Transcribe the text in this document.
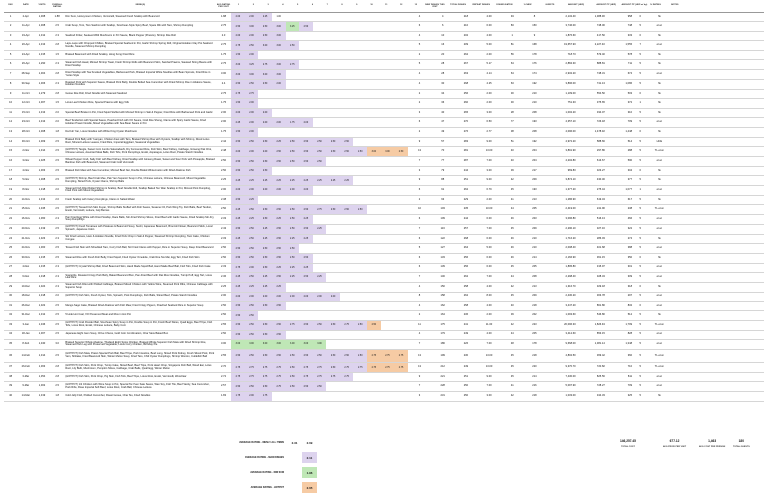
DAY	DATE	VISITS	OVERALL RATING
MENU(S)	AVG RATING PER VISIT
1	2	3	4	5	6	7	8	9	10	11	12	13	NEW DISHES THIS VISIT
TOTAL DISHES	REPEAT DISHES	DISHES EATEN	% NEW	GUESTS	AMOUNT (HK$)	AMOUNT PP (HK$)	AMOUNT PP (HK$ w/ tip)	% RATING	NOTES
1	2-Apr	1,308	1.88	Dim Sum, Honeymoon Chicken, Vermicelli, Steamed Fresh Scallop with Beancurd	1.88	2.00	2.00	2.25	1.00	4	4	218	4.00	94	8	2,132.40	1,388.00	958	0	hk
2	11-Apr	1,308	2.5	Crab Soup, Toro, Toro Sashimi with Scallop, Szechuan-Style Spicy Beef, Spare Rib with Taro, Shrimp Dumpling	2.75	2.50	3.00	2.50	3.00	3.25	2.50	6	6	210	6.00	83	150	3,746.00	748.00	748	5	el.al.
3	19-Apr	1,312	2.3	Seafood Fritter, Sauteed Wild Mushroom in XO Sauce, Black Pepper (Prawns), Shrimp Roe Roll	2.3	2.00	2.00	2.50	3.00	4	10	202	4.00	1	9	1,876.60	417.50	333	0	hk
4	20-Apr	1,313	2.8	Lapu-Lapu with Chopped Chillies, Braised Special Seafood in Pot, Garlic Shrimp Spring Roll, Original Hokkien Clay Pot Seafood Noodle, Steamed Shrimp Dumpling	2.75	2.75	2.50	3.00	3.00	2.50	5	16	209	5.00	81	168	19,657.90	2,227.40	1,555	7	el.al.
5	24-Apr	1,315	1.5	Braised Beancurd with Dried Scallop, Hong Kong Fried Rice	1.75	1.50	2.00	2	20	262	2.00	56	178	718.70	579.40	578	5	hk
6	26-Apr	1,290	2.3	Steamed Fish Head, Minced Shrimp Toast, Fresh Shrimp Rolls with Beancurd Skin, Sambal Prawns, Sauteed String Beans with Dried Scallop	2.75	3.00	3.25	2.75	3.00	2.75	5	28	267	5.17	64	176	2,884.30	888.81	711	5	hk
7	28-Sep	1,304	2.8	Dried Scallop with Tea Smoked Vegetables, Barbecued Pork, Braised Imperial White Noodles with Bean Sprouts, Fried Rice in Yuzao Style	3.00	3.00	3.00	3.00	3.00	4	28	263	4.14	64	174	2,932.20	748.31	674	5	el.al.
8	30-Sep	1,306	2.3	Roasted Pork with Superior Sauce, Braised Pork Belly, Double Boiled Sea Cucumber with Dried Shrimp Roe in Abalone Sauce, Hokkien Noodles	2.4	2.50	2.50	2.50	2.00	4	30	268	4.25	63	192	3,896.00	741.13	1,086	5	hk
9	11-Oct	1,279	2.8	Goose Roe Roll, Fried Noodle with Steamed Seafood	2.75	2.75	2.75	2	34	256	2.00	30	210	1,109.00	554.50	503	0	hk
10	12-Oct	1,307	1.5	Lotus Leaf Chicken Rice, Special Prawns with Egg Yolk	1.75	1.50	2.00	2	36	260	2.00	30	210	751.30	375.65	372	1	hk
11	15-Oct	1,313	2.0	Special Beef Brisket in Pot, Fried Squid Stuffed with Minced Shrimp in Salt & Pepper, Fried Rice with Barbecued Pork and Garlic	2.00	2.00	2.00	2.00	3	40	265	3.00	28	208	1,002.20	334.07	310	5	hk
12	23-Oct	1,313	2.0	Beef Tenderloin with Special Sauce, Poached Fish with XO Sauce, Crab Roe Sheng, Clams with Spicy Garlic Sauce, Fried Hokkien Prawn Noodle, Mixed Vegetables with Sea Bean Sauce in Pot	2.00	2.25	2.00	2.00	2.00	1.75	2.00	6	47	270	6.50	77	193	4,357.10	726.18	709	5	el.al.
13	28-Oct	1,308	1.8	Da Kuh Yan, Lotus Noodles with White King Oyster Mushroom	1.75	1.50	2.00	2	49	276	2.77	38	208	4,096.00	1,478.02	1,448	0	hk
14	30-Oct	1,309	2.5	Braised Pork Belly with Yuanyan, Chicken Feet with Taro, Braised Shrimp Roe with Oysters, Scallop with Shrimp, Diced Lotus Root, Minced Lettuce Leaves, Fried Rice, Imperial Eggplant, Seasonal Vegetables	2.44	2.50	2.50	2.50	2.25	2.50	2.50	2.50	2.50	2.50	9	57	283	9.00	51	192	4,972.20	588.66	514	5	HCE
15	2-Nov	1,314	2.5	(HOTPOT) Tangle, Sweet Corn Jumbo Sakuradashi, Dry Fermented Rice, Fish Skin, Beef Kidney, Cabbage, Ginseng Pak Choi, Chinese Lettuce, Assorted Meat Balls, Fish Tofu, Pork Dumplings, Enoki, Asparagus, Lotus Root, Potato Starch Noodles	2.48	2.00	2.00	2.00	2.50	2.50	2.50	2.50	2.50	2.50	2.50	3.00	3.00	2.50	13	70	281	13.00	40	204	3,891.90	297.86	288	5	TL.el.al.
16	3-Nov	1,325	2.5	Wheat Pepper Crab, Salty Fish with Beef Kidney, Dried Scallop with Ginseng Roast, Sweet and Sour Pork with Pineapple, Braised Bamboo Fish with Beancurd, Steamed Crab Cold Vermicelli	2.50	2.50	2.50	2.50	2.50	2.50	2.50	2.50	7	77	287	7.00	40	204	4,202.80	613.67	590	5	el.al.
17	4-Nov	1,303	2.5	Braised Fish Maw with Sea Cucumber, Minced Beef Net, Double Boiled Wintermelon with Dried Abalone Fish	2.50	2.50	2.50	2.50	3	79	244	3.00	39	217	969.80	323.27	304	0	hk
18	5-Nov	1,308	2.5	(HOTPOT) Shrimp, Beef Crab Mee, Pak Yam Superior Soup in Pot, Chinese Lettuce, Chinese Beancurd, Mixed Vegetable Dumpling, Sliced Pork, Oyster Clams, Shrimp Balls	2.25	2.25	2.25	2.25	2.25	2.25	2.25	2.25	2.25	2.25	9	88	251	9.00	42	209	3,874.10	430.46	377	5	hk
19	8-Nov	1,318	2.0	Steamed Fish Fillet Rolled Shrimp & Scallop, Beef Noodle Roll, Scallop Baked Ten Wan Scallop in Pot, Minced Pork Dumpling, Fried Pork with Mixed Vegetables	2.00	2.00	2.00	2.00	2.00	2.00	2.00	6	91	262	6.79	45	193	1,377.20	275.44	1,077	1	el.al.
20	14-Nov	1,313	2.0	Fresh Scallop with Celery Dumplings, Clams in Salted Water	2.38	2.50	2.25	2	93	229	2.00	41	213	1,286.90	619.43	617	5	hk
21	15-Nov	1,345	2.5	(HOTPOT) Tossed Fish Skin Fuyan, Shrimp Balls Stuffed with Fish Sauce, Sesame Oil, Pork Wing Tip, Fish Balls, Beef Tendon, Enoki, Vermicelli, Lettuce, Goji Berries	2.50	2.25	2.50	2.50	2.50	2.50	2.50	2.75	2.50	2.50	2.50	10	103	235	10.00	44	205	2,419.00	241.90	238	5	TL.el.al.
22	16-Nov	1,360	2.3	Pan Fried Egg White with Dried Scallop, Dace Balls, Stir-Fried Shrimp Slices, Fried Beef with Garlic Sauce, Dried Scallop Stir-Fry, Soup Dumplings	2.33	2.25	2.25	2.50	2.25	2.50	2.25	6	109	244	6.00	46	203	3,096.80	516.13	466	5	el.al.
23	20-Nov	1,319	2.5	(HOTPOT) Fresh Tomatoes with Potatoes & Beancurd Soup, Sushi, Japanese Beancurd, Broccoli Flower, Beancurd Stick, Local Spinach, Japanese Udon	2.43	2.50	2.50	2.25	2.50	2.50	2.50	2.25	7	116	257	7.00	45	209	2,290.10	327.16	322	5	el.al.
24	21-Nov	1,323	2.3	Stir Fried Lettuce, Ham & Hokkien Noodle, Fried Pork Chop in Salt & Pepper, Steamed Shrimp Dumpling, Taro Cake, Chicken Congee	2.33	2.25	2.50	2.25	2.50	2.25	2.25	6	122	268	6.00	46	210	1,716.20	286.03	274	5	hk
25	24-Nov	1,300	2.5	Tossed Fish Skin with Shredded Taro, Curry Fish Ball, Stir Fried Clams with Pepper, Rice in Superior Soup, Deep Fried Beancurd	2.50	2.50	2.50	2.50	2.50	2.50	5	127	264	5.00	46	210	2,008.40	401.68	388	5	el.al.
26	30-Nov	1,315	2.5	Steamed Rice with Fresh Fish Belly, Fried Squid, Fried Oyster Omelette, Crab Roe Siu Mai, Egg Tart, Fried Fish Skin	2.50	2.50	2.50	2.50	2.50	2.50	2.50	6	133	256	6.00	46	214	2,166.90	361.15	350	0	hk
27	4-Dec	1,315	2.3	(HOTPOT) Crystal Shrimp Ball, Fried Beancurd Skin, Hand Made Squid Ball, Hand Made Beef Ball, Fish Tofu, Fried Fish Cake	2.33	2.75	2.00	2.50	2.25	2.25	2.25	6	139	256	6.00	45	205	1,895.80	315.97	301	5	el.al.
28	6-Dec	1,318	2.3	Spareribs, Roasted Crispy Pork Belly, Baked Beancurd Bun, Pan-Fried Beef with Flat Rice Noodles, Turnip Puff, Egg Tart, Lotus Leaf Rice	2.36	2.25	2.50	2.25	2.50	2.25	2.50	2.25	7	146	262	7.00	44	208	2,298.40	328.34	309	5	el.al.
29	10-Dec	1,324	2.3	Steamed Fish Fillet with Pickled Cabbage, Braised Sliced Chicken with Yellow Wine, Steamed Pork Ribs, Chinese Cabbage with Superior Soup	2.25	2.25	2.25	2.25	2.25	4	150	258	4.00	42	213	1,316.70	329.18	318	0	hk
30	18-Dec	1,318	2.0	(HOTPOT) Fish Skin, Fresh Oyster, Tofu, Spinach, Pork Dumplings, Fish Balls, Sliced Beef, Potato Starch Noodles	2.00	2.00	2.00	2.00	2.00	2.00	2.00	2.00	2.00	8	158	262	8.00	45	209	2,430.20	303.78	297	5	el.al.
31	26-Dec	1,322	2.5	Mango Sago Cake, Braised Dried Abalone with Fish Maw, Fried Crispy Pigeon, Poached Seafood Rice in Superior Soup	2.50	2.50	2.50	2.50	2.50	4	162	258	4.00	40	218	3,447.20	861.80	832	0	el.al.
32	31-Dec	1,312	2.5	5 Hole Hot Coal, XO Preserved Meat and Rice in Hot Pot	2.50	2.50	2.50	2	164	236	2.00	39	202	1,093.60	546.80	512	5	hk
33	3-Jan	1,346	2.5	(HOTPOT) Crab Powder Ball, Szechuan Spicy Soup in Pot, Double Soup in Pot, Fresh Beef Slices, Quail Eggs, Beef Tripe, Fish Tofu, Lotus Root, Enoki, Chinese Lettuce, Baby Corn	2.55	2.50	2.50	2.50	2.50	2.75	2.50	2.50	2.50	2.75	2.50	2.50	11	175	241	11.00	42	223	20,096.30	1,826.94	1,799	5	TL.el.al.
34	18-Jan	1,307	2.5	Japanese Eight Gem Soup, Chive Chives, Gold Coin Combination, Char Siew Baked Bun	2.50	2.50	2.50	2.50	2.50	4	179	249	4.00	44	205	3,412.60	853.15	828	5	el.al.
35	8-Feb	1,340	3.0	Braised Superior Whole Abalone, Thailand Eight Spice Chicken, Braised Whole Superior Fish Maw with Dried Shrimp Roe, Steamed Pork Leg with Preserved Vegetable, Lotus Curry Chicken, Birthday Pie	3.00	3.00	3.00	3.00	3.00	3.00	3.00	3.00	7	186	226	7.00	48	178	9,668.00	1,381.14	1,348	5	el.al.
36	14-Feb	1,314	2.5	(HOTPOT) Fish Maw, Prawn Special Pork Ball, Beef Tripe, Pork Intestine, Beef Lung, Sliced Pork Kidney, Fresh Sliced Pork, Pork Vein, Shiitake, Fried Beancurd Skin, Winter Melon Soup, Fried Taro, Chili Oyster Dumplings, Shrimp Wonton, Cuttlefish Ball	2.55	2.50	2.50	2.50	2.50	2.50	2.50	2.50	2.50	2.50	2.50	2.75	2.75	2.75	13	199	230	13.00	45	218	4,802.50	369.42	360	5	TL.el.al.
37	26-Feb	1,363	2.8	(HOTPOT) Fish Skin, Pork Chop, Turnip Cake, Sliced Beef, Beef Tripe, Pork Heart Chop, Singapore Fish Ball, Wood Ear, Lotus Root, Lily Bulb, Mushroom, Pumpkin Slices, Cabbage, Crab Balls, Quail Egg, Winter Melon	2.70	2.75	2.75	2.75	2.75	2.50	2.75	2.75	2.50	2.75	2.75	2.75	2.75	2.75	13	212	249	13.00	45	220	9,370.70	720.82	710	5	TL.el.al.
38	3-Mar	1,354	2.8	(HOTPOT) Fish Skin, Pork Chop, Pig Skin, Fish Tofu, Beef Tripe, Lotus Root, Enoki, Vermicelli, Wood Ear	2.72	2.75	2.75	2.75	2.75	2.50	2.75	2.75	2.75	2.75	9	221	251	9.00	45	214	7,430.00	825.56	811	5	el.al.
39	9-Mar	1,302	2.5	(HOTPOT) 1/2 Chicken with Wine Soup in Pot, Special Tai Yuen Sate Sauce, Wan Soy, Fish Tile, Beef Vanity, Sea Cucumber, Pork Ribs, Rose Imperial Soft Beef, Lotus Root, Crab Ball, Chinese Lettuce	2.57	2.50	2.50	2.50	2.75	2.50	2.50	2.50	7	228	250	7.00	41	216	5,097.90	728.27	709	5	el.al.
40	14-Mar	1,319	1.8	Cold Jelly Fish, Pickled Cucumber, Roast Goose, Char Siu, Fried Noodles	1.83	1.75	2.00	1.75	3	231	250	3.00	42	218	1,033.00	344.33	325	5	hk
AVERAGE RATING - MENU / ALL ITEMS	2.31	2.09
AVERAGE RATING - MAIN DISHES	2.11
AVERAGE RATING - DIM SUM	1.96
AVERAGE RATING - HOTPOT	2.05
146,257.45
TOTAL COST
677.12
AVG PRICE PER VISIT
1,463
AVG COST PER PERSON
180
TOTAL GUESTS
